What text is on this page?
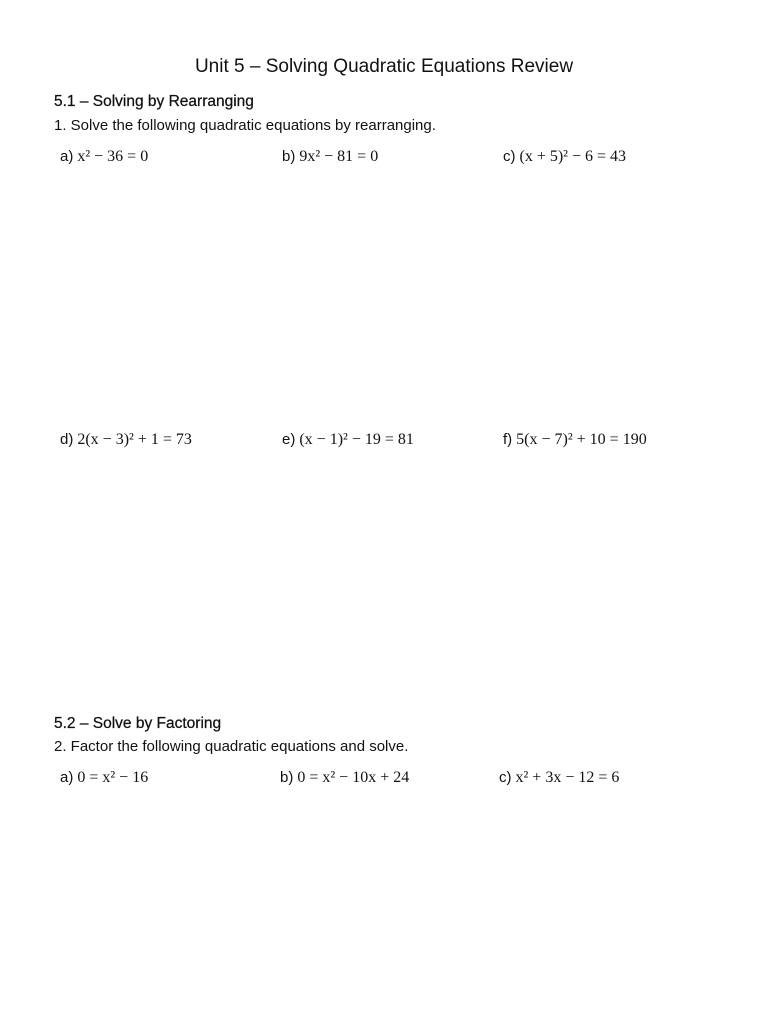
Unit 5 – Solving Quadratic Equations Review
5.1 – Solving by Rearranging
1. Solve the following quadratic equations by rearranging.
a) x² − 36 = 0	b) 9x² − 81 = 0	c) (x + 5)² − 6 = 43
d) 2(x − 3)² + 1 = 73	e) (x − 1)² − 19 = 81	f) 5(x − 7)² + 10 = 190
5.2 – Solve by Factoring
2. Factor the following quadratic equations and solve.
a) 0 = x² − 16	b) 0 = x² − 10x + 24	c) x² + 3x − 12 = 6
